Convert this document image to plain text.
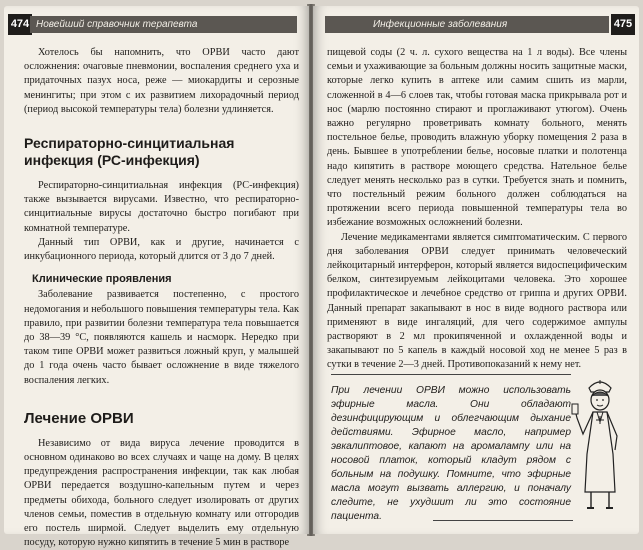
474 Новейший справочник терапевта

Хотелось бы напомнить, что ОРВИ часто дают осложнения: очаговые пневмонии, воспаления среднего уха и придаточных пазух носа, реже — миокардиты и серозные менингиты; при этом с их развитием лихорадочный период (период высокой температуры тела) болезни удлиняется.

Респираторно-синцитиальная инфекция (РС-инфекция)

Респираторно-синцитиальная инфекция (РС-инфекция) также вызывается вирусами. Известно, что респираторно-синцитиальные вирусы достаточно быстро погибают при комнатной температуре.

Данный тип ОРВИ, как и другие, начинается с инкубационного периода, который длится от 3 до 7 дней.

Клинические проявления

Заболевание развивается постепенно, с простого недомогания и небольшого повышения температуры тела. Как правило, при развитии болезни температура тела повышается до 38—39 °С, появляются кашель и насморк. Нередко при таком типе ОРВИ может развиться ложный круп, у малышей до 1 года очень часто бывает осложнение в виде тяжелого воспаления легких.

Лечение ОРВИ

Независимо от вида вируса лечение проводится в основном одинаково во всех случаях и чаще на дому. В целях предупреждения распространения инфекции, так как любая ОРВИ передается воздушно-капельным путем и через предметы обихода, больного следует изолировать от других членов семьи, поместив в отдельную комнату или отгородив его постель ширмой. Следует выделить ему отдельную посуду, которую нужно кипятить в течение 5 мин в растворе

Инфекционные заболевания	475

пищевой соды (2 ч. л. сухого вещества на 1 л воды). Все члены семьи и ухаживающие за больным должны носить защитные маски, которые легко купить в аптеке или самим сшить из марли, сложенной в 4—6 слоев так, чтобы готовая маска прикрывала рот и нос (марлю постоянно стирают и проглаживают утюгом). Очень важно регулярно проветривать комнату больного, менять постельное белье, проводить влажную уборку помещения 2 раза в день. Бывшее в употреблении белье, носовые платки и полотенца надо кипятить в растворе моющего средства. Нательное белье следует менять несколько раз в сутки. Требуется знать и помнить, что постельный режим больного должен соблюдаться на протяжении всего периода повышенной температуры тела во избежание возможных осложнений болезни.

Лечение медикаментами является симптоматическим. С первого дня заболевания ОРВИ следует принимать человеческий лейкоцитарный интерферон, который является видоспецифическим белком, синтезируемым лейкоцитами человека. Это хорошее профилактическое и лечебное средство от гриппа и других ОРВИ. Данный препарат закапывают в нос в виде водного раствора или применяют в виде ингаляций, для чего содержимое ампулы растворяют в 2 мл прокипяченной и охлажденной воды и закапывают по 5 капель в каждый носовой ход не менее 5 раз в сутки в течение 2—3 дней. Противопоказаний к нему нет.

При лечении ОРВИ можно использовать эфирные масла. Они обладают дезинфицирующим и облегчающим дыхание действиями. Эфирное масло, например эвкалиптовое, капают на аромалампу или на носовой платок, который кладут рядом с больным на подушку. Помните, что эфирные масла могут вызвать аллергию, и поначалу следите, не ухудшит ли это состояние пациента.
